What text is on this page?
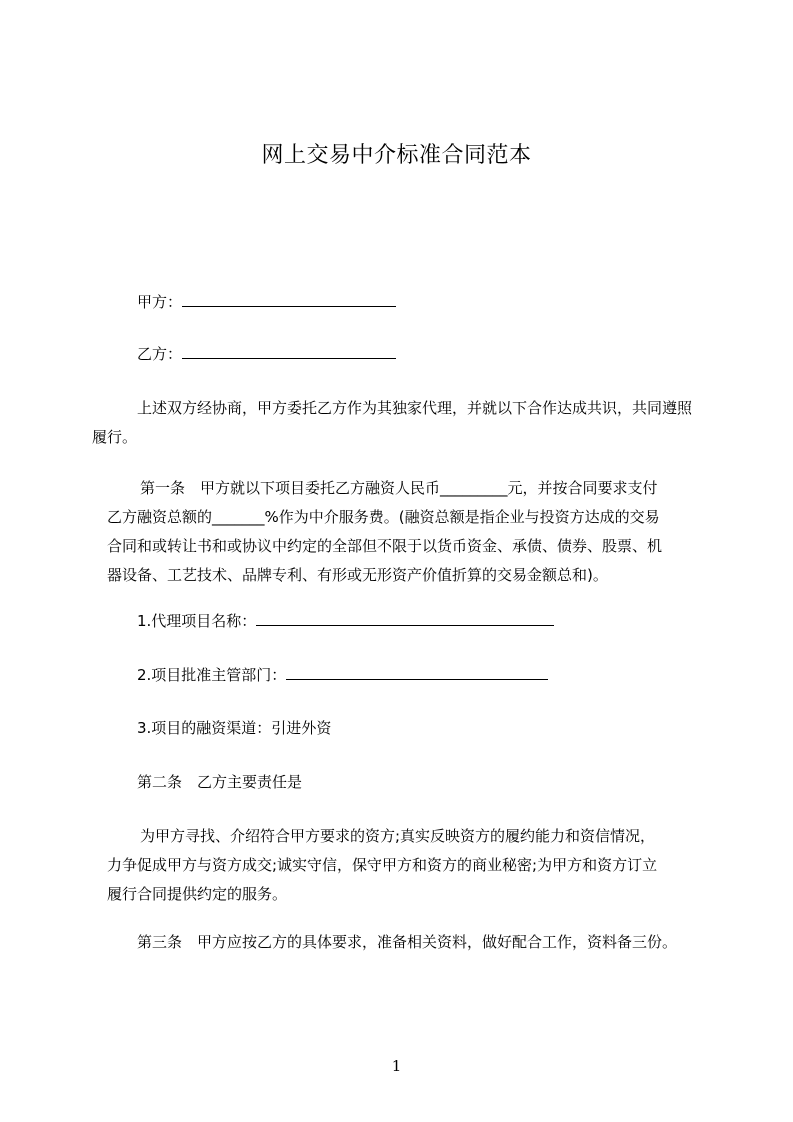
网上交易中介标准合同范本
甲方：
乙方：
上述双方经协商，甲方委托乙方作为其独家代理，并就以下合作达成共识，共同遵照履行。
第一条　甲方就以下项目委托乙方融资人民币_________元，并按合同要求支付
乙方融资总额的_______%作为中介服务费。(融资总额是指企业与投资方达成的交易
合同和或转让书和或协议中约定的全部但不限于以货币资金、承债、债券、股票、机
器设备、工艺技术、品牌专利、有形或无形资产价值折算的交易金额总和)。
1.代理项目名称：
2.项目批准主管部门：
3.项目的融资渠道：引进外资
第二条　乙方主要责任是
为甲方寻找、介绍符合甲方要求的资方;真实反映资方的履约能力和资信情况，
力争促成甲方与资方成交;诚实守信，保守甲方和资方的商业秘密;为甲方和资方订立
履行合同提供约定的服务。
第三条　甲方应按乙方的具体要求，准备相关资料，做好配合工作，资料备三份。
1
